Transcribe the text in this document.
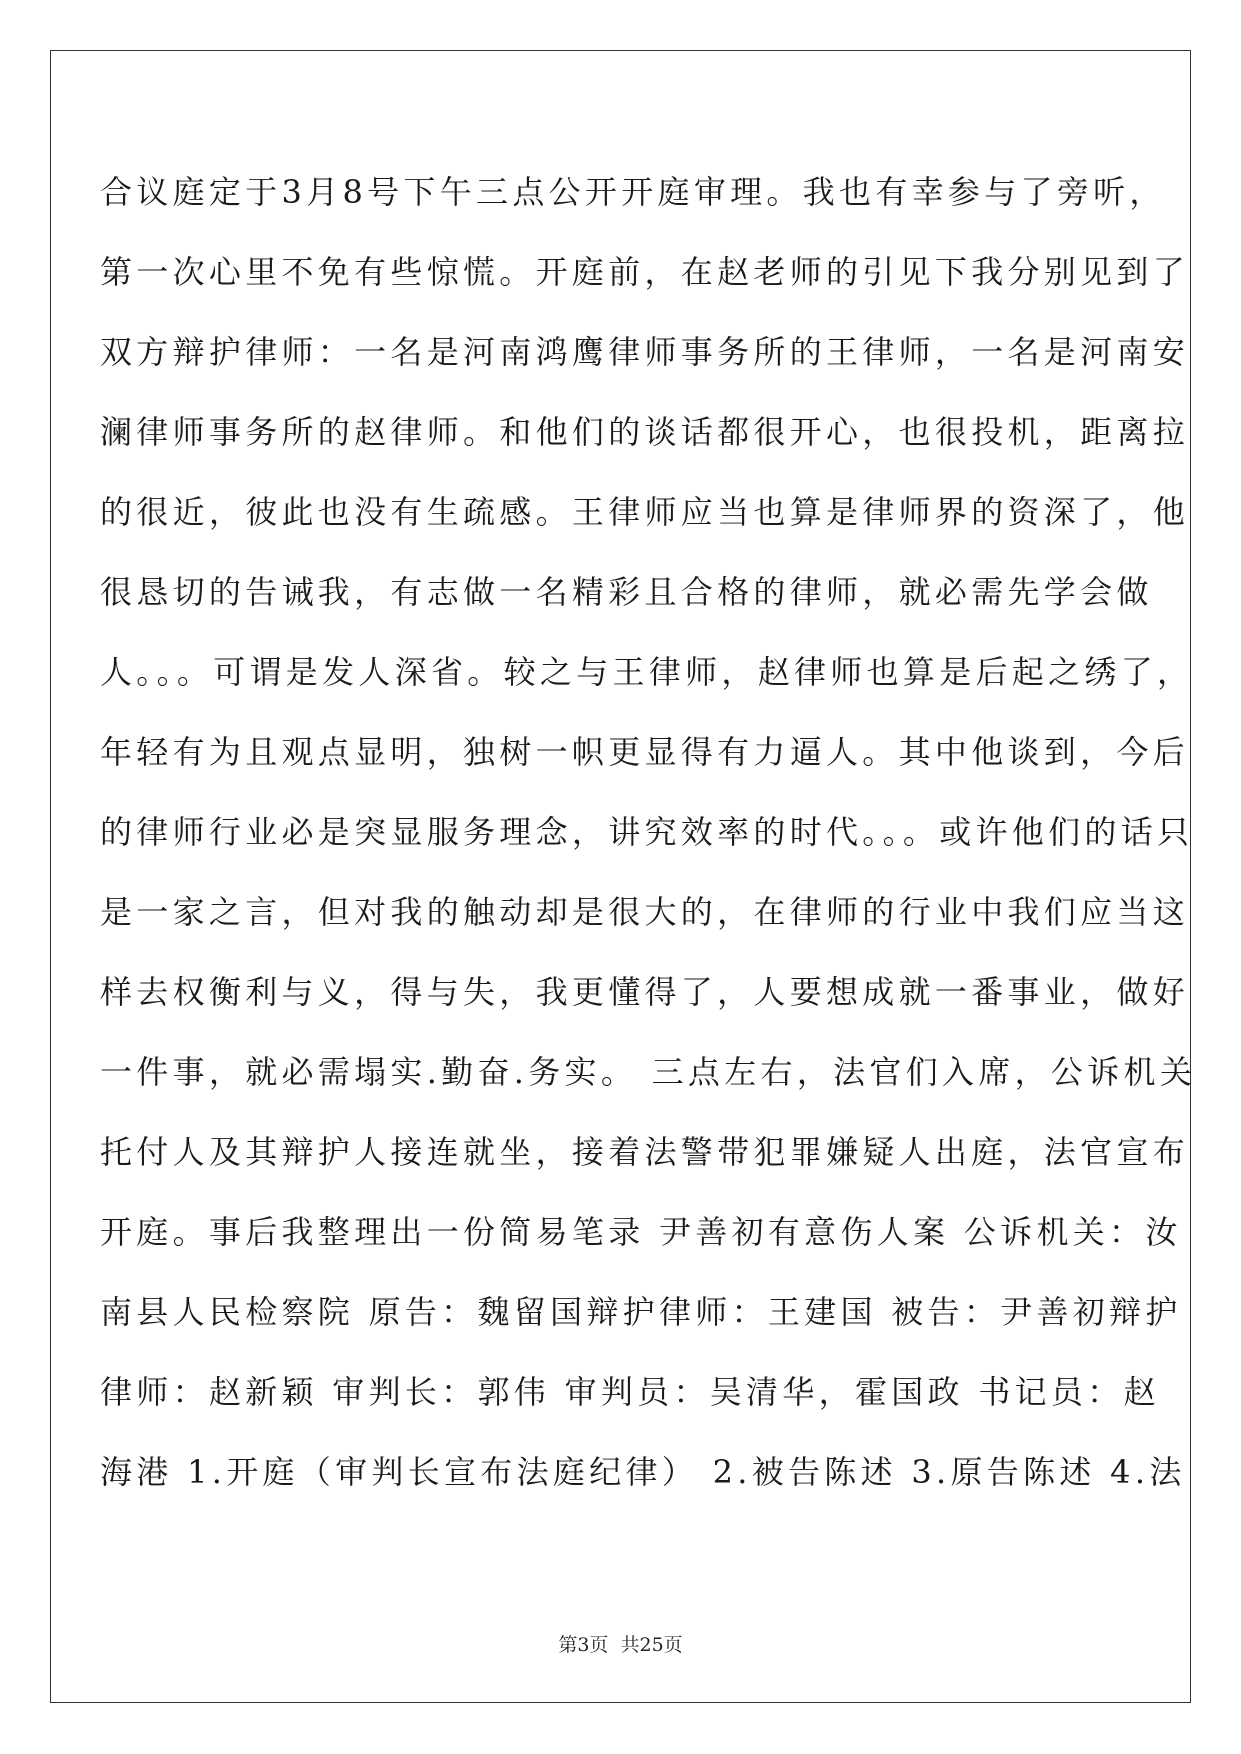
合议庭定于3月8号下午三点公开开庭审理。我也有幸参与了旁听，
第一次心里不免有些惊慌。开庭前，在赵老师的引见下我分别见到了
双方辩护律师：一名是河南鸿鹰律师事务所的王律师，一名是河南安
澜律师事务所的赵律师。和他们的谈话都很开心，也很投机，距离拉
的很近，彼此也没有生疏感。王律师应当也算是律师界的资深了，他
很恳切的告诫我，有志做一名精彩且合格的律师，就必需先学会做
人。。。可谓是发人深省。较之与王律师，赵律师也算是后起之绣了，
年轻有为且观点显明，独树一帜更显得有力逼人。其中他谈到，今后
的律师行业必是突显服务理念，讲究效率的时代。。。或许他们的话只
是一家之言，但对我的触动却是很大的，在律师的行业中我们应当这
样去权衡利与义，得与失，我更懂得了，人要想成就一番事业，做好
一件事，就必需塌实.勤奋.务实。 三点左右，法官们入席，公诉机关
托付人及其辩护人接连就坐，接着法警带犯罪嫌疑人出庭，法官宣布
开庭。事后我整理出一份简易笔录 尹善初有意伤人案 公诉机关：汝
南县人民检察院 原告：魏留国辩护律师：王建国 被告：尹善初辩护
律师：赵新颖 审判长：郭伟 审判员：吴清华，霍国政 书记员：赵
海港 1.开庭（审判长宣布法庭纪律） 2.被告陈述 3.原告陈述 4.法
第3页  共25页
